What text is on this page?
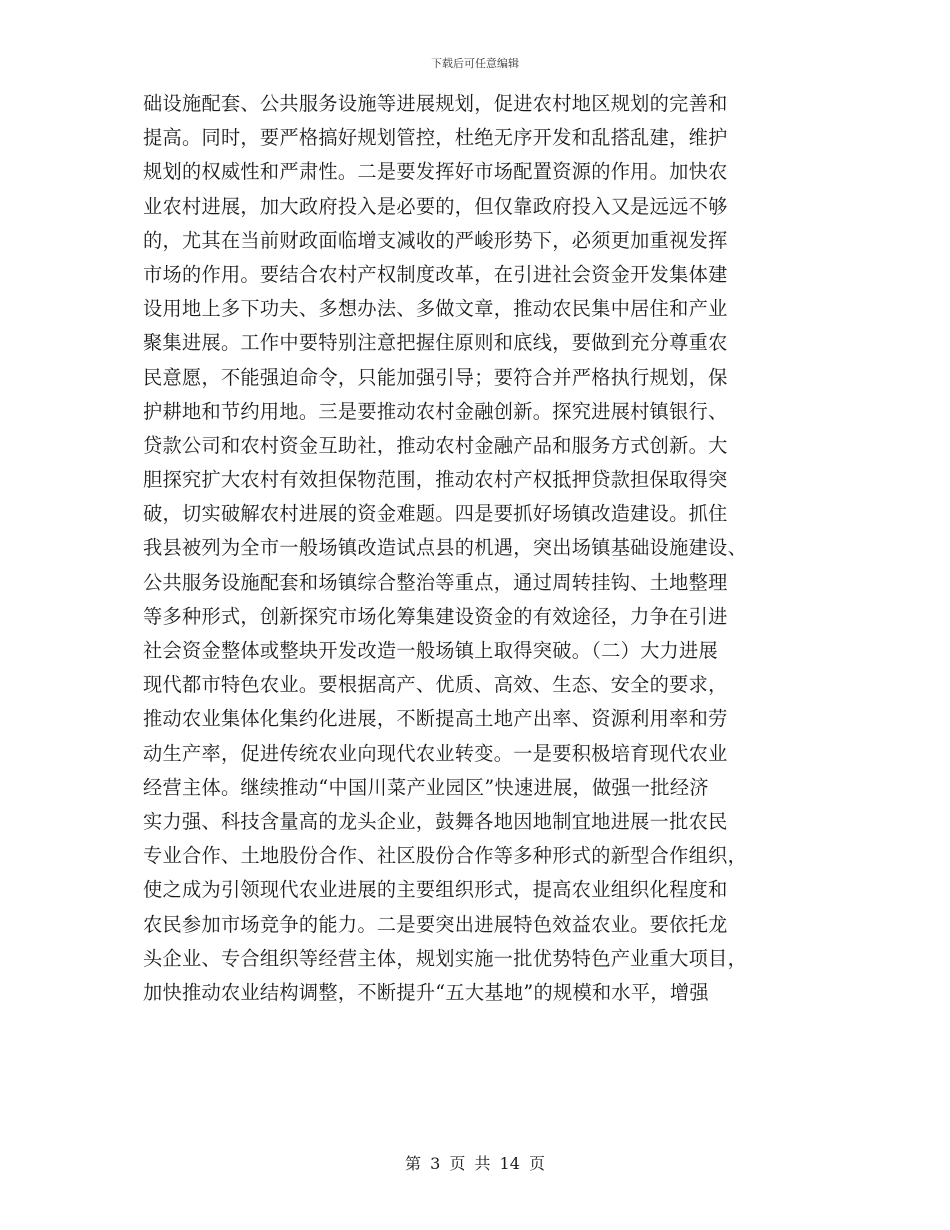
下载后可任意编辑
础设施配套、公共服务设施等进展规划，促进农村地区规划的完善和
提高。同时，要严格搞好规划管控，杜绝无序开发和乱搭乱建，维护
规划的权威性和严肃性。二是要发挥好市场配置资源的作用。加快农
业农村进展，加大政府投入是必要的，但仅靠政府投入又是远远不够
的，尤其在当前财政面临增支减收的严峻形势下，必须更加重视发挥
市场的作用。要结合农村产权制度改革，在引进社会资金开发集体建
设用地上多下功夫、多想办法、多做文章，推动农民集中居住和产业
聚集进展。工作中要特别注意把握住原则和底线，要做到充分尊重农
民意愿，不能强迫命令，只能加强引导；要符合并严格执行规划，保
护耕地和节约用地。三是要推动农村金融创新。探究进展村镇银行、
贷款公司和农村资金互助社，推动农村金融产品和服务方式创新。大
胆探究扩大农村有效担保物范围，推动农村产权抵押贷款担保取得突
破，切实破解农村进展的资金难题。四是要抓好场镇改造建设。抓住
我县被列为全市一般场镇改造试点县的机遇，突出场镇基础设施建设、
公共服务设施配套和场镇综合整治等重点，通过周转挂钩、土地整理
等多种形式，创新探究市场化筹集建设资金的有效途径，力争在引进
社会资金整体或整块开发改造一般场镇上取得突破。（二）大力进展
现代都市特色农业。要根据高产、优质、高效、生态、安全的要求，
推动农业集体化集约化进展，不断提高土地产出率、资源利用率和劳
动生产率，促进传统农业向现代农业转变。一是要积极培育现代农业
经营主体。继续推动“中国川菜产业园区”快速进展，做强一批经济
实力强、科技含量高的龙头企业，鼓舞各地因地制宜地进展一批农民
专业合作、土地股份合作、社区股份合作等多种形式的新型合作组织，
使之成为引领现代农业进展的主要组织形式，提高农业组织化程度和
农民参加市场竞争的能力。二是要突出进展特色效益农业。要依托龙
头企业、专合组织等经营主体，规划实施一批优势特色产业重大项目，
加快推动农业结构调整，不断提升“五大基地”的规模和水平，增强
第 3 页 共 14 页
